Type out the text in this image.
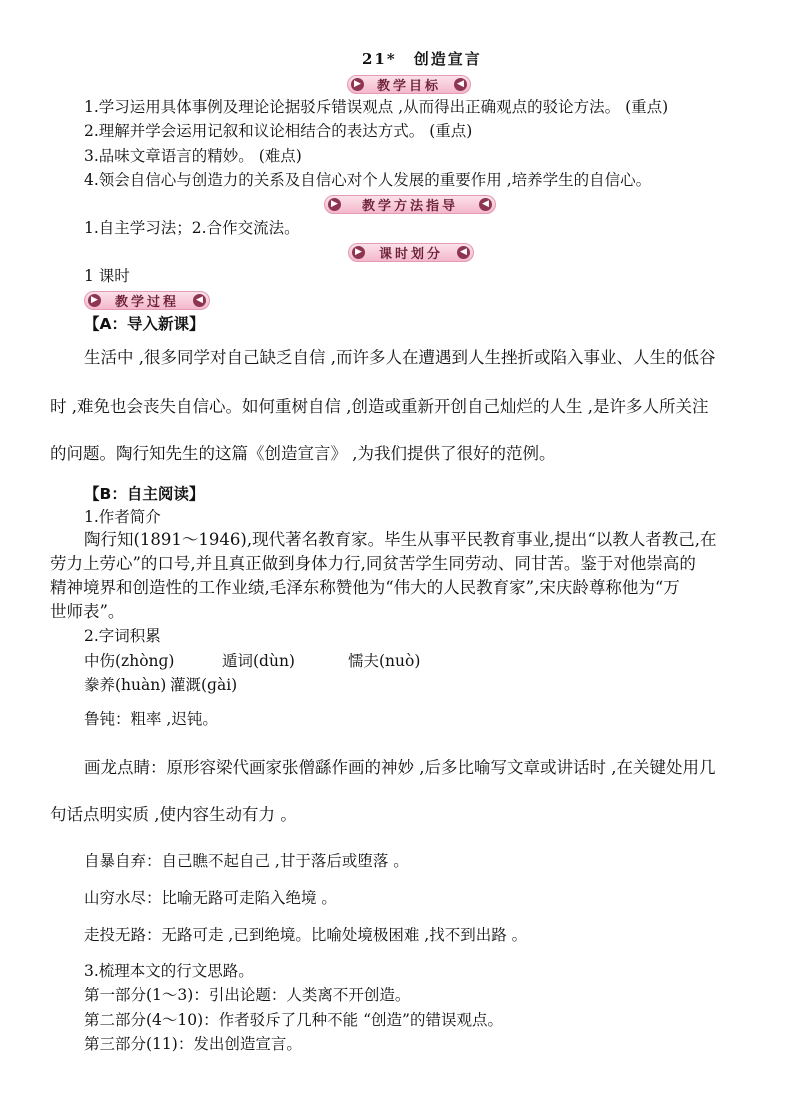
21*　创造宣言
▶ 教学目标	◀
1.学习运用具体事例及理论论据驳斥错误观点 ,从而得出正确观点的驳论方法。 (重点)
2.理解并学会运用记叙和议论相结合的表达方式。 (重点)
3.品味文章语言的精妙。 (难点)
4.领会自信心与创造力的关系及自信心对个人发展的重要作用 ,培养学生的自信心。
▶ 教学方法指导	◀
1.自主学习法；2.合作交流法。
▶ 课时划分	◀
1 课时
▶ 教学过程	◀
【A：导入新课】
生活中 ,很多同学对自己缺乏自信 ,而许多人在遭遇到人生挫折或陷入事业、人生的低谷
时 ,难免也会丧失自信心。如何重树自信 ,创造或重新开创自己灿烂的人生 ,是许多人所关注
的问题。陶行知先生的这篇《创造宣言》 ,为我们提供了很好的范例。
【B：自主阅读】
1.作者简介
陶行知(1891～1946),现代著名教育家。毕生从事平民教育事业,提出“以教人者教己,在
劳力上劳心”的口号,并且真正做到身体力行,同贫苦学生同劳动、同甘苦。鉴于对他崇高的
精神境界和创造性的工作业绩,毛泽东称赞他为“伟大的人民教育家”,宋庆龄尊称他为“万
世师表”。
2.字词积累
中伤(zhònɡ)	遁词(dùn)	懦夫(nuò)
豢养(huàn) 灌溉(ɡài)
鲁钝：粗率 ,迟钝。
画龙点睛：原形容梁代画家张僧繇作画的神妙 ,后多比喻写文章或讲话时 ,在关键处用几
句话点明实质 ,使内容生动有力 。
自暴自弃：自己瞧不起自己 ,甘于落后或堕落 。
山穷水尽：比喻无路可走陷入绝境 。
走投无路：无路可走 ,已到绝境。比喻处境极困难 ,找不到出路 。
3.梳理本文的行文思路。
第一部分(1～3)：引出论题：人类离不开创造。
第二部分(4～10)：作者驳斥了几种不能 “创造”的错误观点。
第三部分(11)：发出创造宣言。
